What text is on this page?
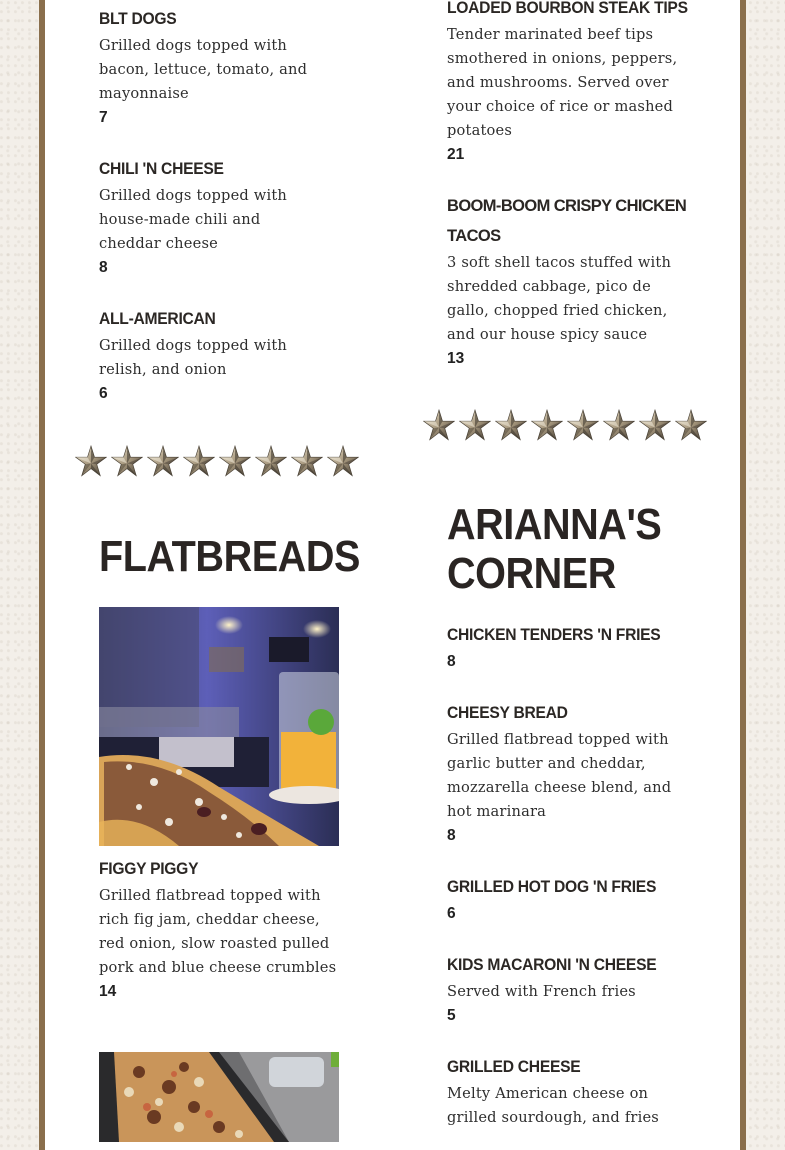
BLT DOGS
Grilled dogs topped with bacon, lettuce, tomato, and mayonnaise
7
CHILI 'N CHEESE
Grilled dogs topped with house-made chili and cheddar cheese
8
ALL-AMERICAN
Grilled dogs topped with relish, and onion
6
FLATBREADS
FIGGY PIGGY
Grilled flatbread topped with rich fig jam, cheddar cheese, red onion, slow roasted pulled pork and blue cheese crumbles
14
LOADED BOURBON STEAK TIPS
Tender marinated beef tips smothered in onions, peppers, and mushrooms. Served over your choice of rice or mashed potatoes
21
BOOM-BOOM CRISPY CHICKEN TACOS
3 soft shell tacos stuffed with shredded cabbage, pico de gallo, chopped fried chicken, and our house spicy sauce
13
ARIANNA'S
CORNER
CHICKEN TENDERS 'N FRIES
8
CHEESY BREAD
Grilled flatbread topped with garlic butter and cheddar, mozzarella cheese blend, and hot marinara
8
GRILLED HOT DOG 'N FRIES
6
KIDS MACARONI 'N CHEESE
Served with French fries
5
GRILLED CHEESE
Melty American cheese on grilled sourdough, and fries
